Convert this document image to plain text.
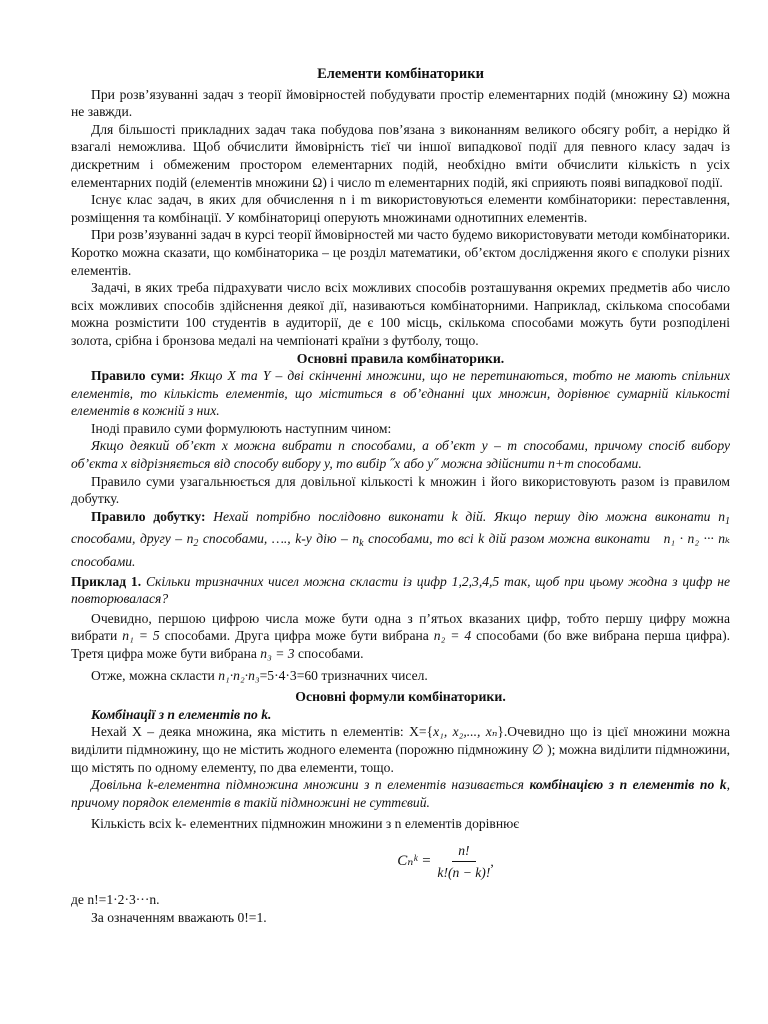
Елементи комбінаторики

При розв’язуванні задач з теорії ймовірностей побудувати простір елементарних подій (множину Ω) можна не завжди.

Для більшості прикладних задач така побудова пов’язана з виконанням великого обсягу робіт, а нерідко й взагалі неможлива. Щоб обчислити ймовірність тієї чи іншої випадкової події для певного класу задач із дискретним і обмеженим простором елементарних подій, необхідно вміти обчислити кількість n усіх елементарних подій (елементів множини Ω) і число m елементарних подій, які сприяють появі випадкової події.

Існує клас задач, в яких для обчислення n і m використовуються елементи комбінаторики: переставлення, розміщення та комбінації. У комбінаториці оперують множинами однотипних елементів.

При розв’язуванні задач в курсі теорії ймовірностей ми часто будемо використовувати методи комбінаторики. Коротко можна сказати, що комбінаторика – це розділ математики, об’єктом дослідження якого є сполуки різних елементів.

Задачі, в яких треба підрахувати число всіх можливих способів розташування окремих предметів або число всіх можливих способів здійснення деякої дії, називаються комбінаторними. Наприклад, скількома способами можна розмістити 100 студентів в аудиторії, де є 100 місць, скількома способами можуть бути розподілені золота, срібна і бронзова медалі на чемпіонаті країни з футболу, тощо.

Основні правила комбінаторики.

Правило суми: Якщо X та Y – дві скінченні множини, що не перетинаються, тобто не мають спільних елементів, то кількість елементів, що міститься в об’єднанні цих множин, дорівнює сумарній кількості елементів в кожній з них.

Іноді правило суми формулюють наступним чином:

Якщо деякий об’єкт x можна вибрати n способами, а об’єкт y – m способами, причому спосіб вибору об’єкта x відрізняється від способу вибору y, то вибір ˝x або y˝ можна здійснити n+m способами.

Правило суми узагальнюється для довільної кількості k множин і його використовують разом із правилом добутку.

Правило добутку: Нехай потрібно послідовно виконати k дій. Якщо першу дію можна виконати $n_1$ способами, другу – $n_2$ способами, …., k-у дію – $n_k$ способами, то всі k дій разом можна виконати n₁ · n₂ ··· nₖ способами.

Приклад 1. Скільки тризначних чисел можна скласти із цифр 1,2,3,4,5 так, щоб при цьому жодна з цифр не повторювалася?

Очевидно, першою цифрою числа може бути одна з п’ятьох вказаних цифр, тобто першу цифру можна вибрати n₁ = 5 способами. Друга цифра може бути вибрана n₂ = 4 способами (бо вже вибрана перша цифра). Третя цифра може бути вибрана n₃ = 3 способами.

Отже, можна скласти n₁·n₂·n₃=5·4·3=60 тризначних чисел.

Основні формули комбінаторики.

Комбінації з n елементів по k.

Нехай X – деяка множина, яка містить n елементів: X={x₁, x₂,..., xₙ}.Очевидно що із цієї множини можна виділити підмножину, що не містить жодного елемента (порожню підмножину ∅ ); можна виділити підмножини, що містять по одному елементу, по два елементи, тощо.

Довільна k-елементна підмножина множини з n елементів називається комбінацією з n елементів по k, причому порядок елементів в такій підмножині не суттєвий.

Кількість всіх k- елементних підмножин множини з n елементів дорівнює

Cₙᵏ = $\frac{n!}{k!(n - k)!}$ ,

де n!=1·2·3···n.

За означенням вважають 0!=1.
